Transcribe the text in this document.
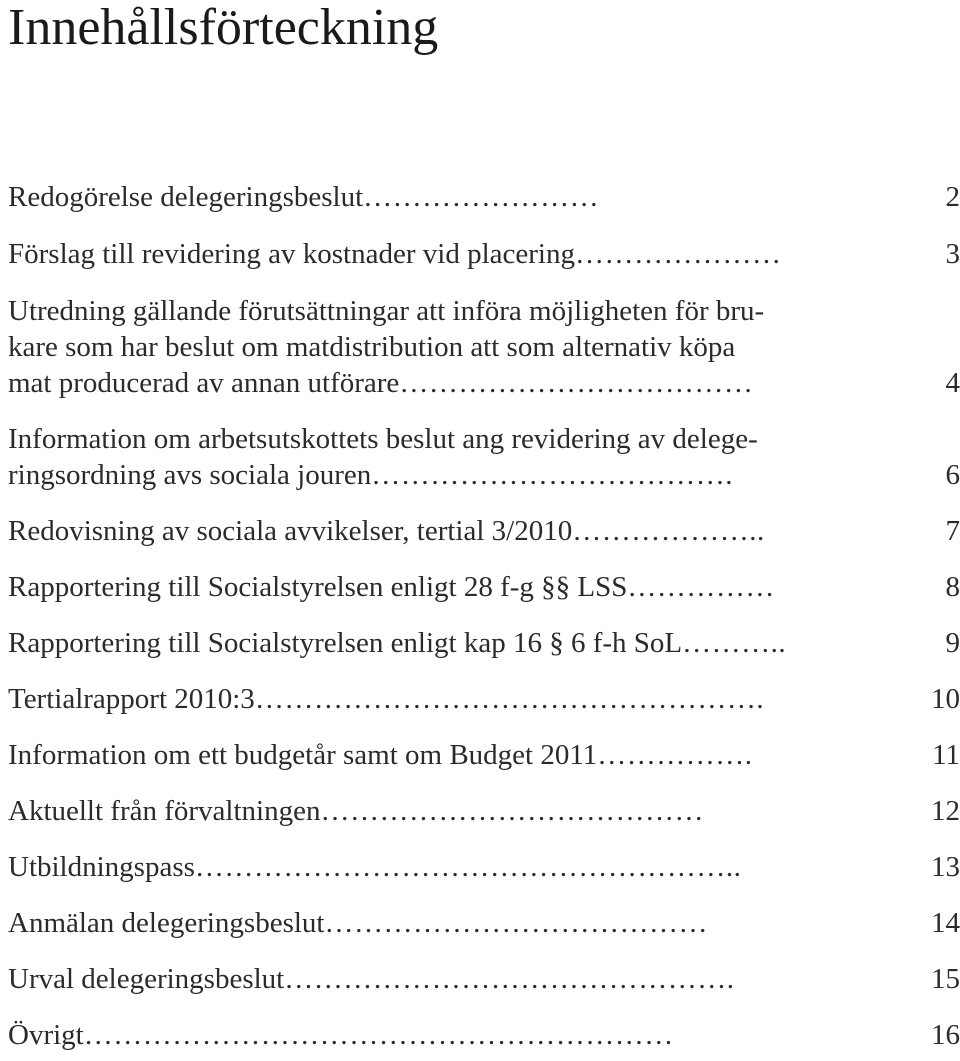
Innehållsförteckning
Redogörelse delegeringsbeslut……………………	2
Förslag till revidering av kostnader vid placering…………………	3
Utredning gällande förutsättningar att införa möjligheten för bru-
kare som har beslut om matdistribution att som alternativ köpa
mat producerad av annan utförare………………………………	4
Information om arbetsutskottets beslut ang revidering av delege-
ringsordning avs sociala jouren……………………………….	6
Redovisning av sociala avvikelser, tertial 3/2010………………..	7
Rapportering till Socialstyrelsen enligt 28 f-g §§ LSS……………	8
Rapportering till Socialstyrelsen enligt kap 16 § 6 f-h SoL………..	9
Tertialrapport 2010:3…………………………………………….	10
Information om ett budgetår samt om Budget 2011…………….	11
Aktuellt från förvaltningen…………………………………	12
Utbildningspass………………………………………………..	13
Anmälan delegeringsbeslut…………………………………	14
Urval delegeringsbeslut……………………………………….	15
Övrigt……………………………………………………	16
